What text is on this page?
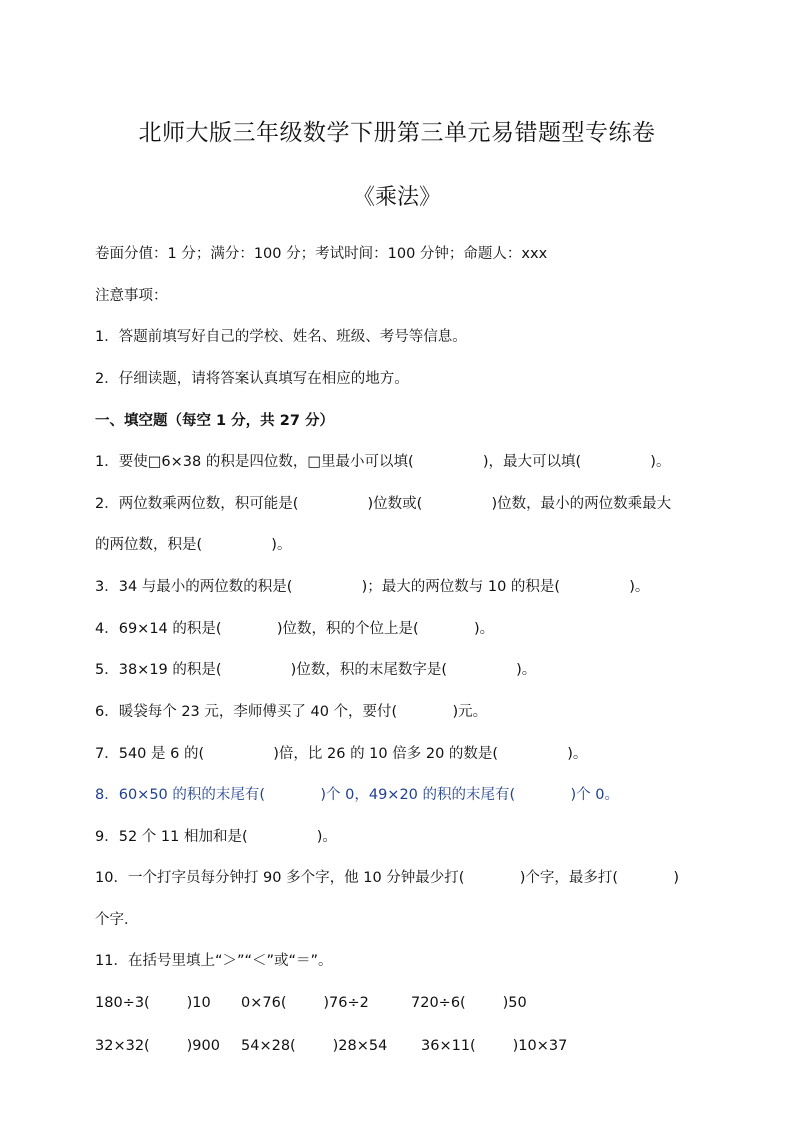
北师大版三年级数学下册第三单元易错题型专练卷
《乘法》
卷面分值：1 分；满分：100 分；考试时间：100 分钟；命题人：xxx
注意事项：
1．答题前填写好自己的学校、姓名、班级、考号等信息。
2．仔细读题，请将答案认真填写在相应的地方。
一、填空题（每空 1 分，共 27 分）
1．要使□6×38 的积是四位数，□里最小可以填(               )，最大可以填(               )。
2．两位数乘两位数，积可能是(               )位数或(               )位数，最小的两位数乘最大
的两位数，积是(               )。
3．34 与最小的两位数的积是(               )；最大的两位数与 10 的积是(               )。
4．69×14 的积是(            )位数，积的个位上是(            )。
5．38×19 的积是(               )位数，积的末尾数字是(               )。
6．暖袋每个 23 元，李师傅买了 40 个，要付(            )元。
7．540 是 6 的(               )倍，比 26 的 10 倍多 20 的数是(               )。
8．60×50 的积的末尾有(            )个 0，49×20 的积的末尾有(            )个 0。
9．52 个 11 相加和是(               )。
10．一个打字员每分钟打 90 多个字，他 10 分钟最少打(            )个字，最多打(            )
个字．
11．在括号里填上“＞”“＜”或“＝”。
180÷3(        )10 0×76(        )76÷2	720÷6(        )50
32×32(        )900 54×28(        )28×54 36×11(        )10×37
